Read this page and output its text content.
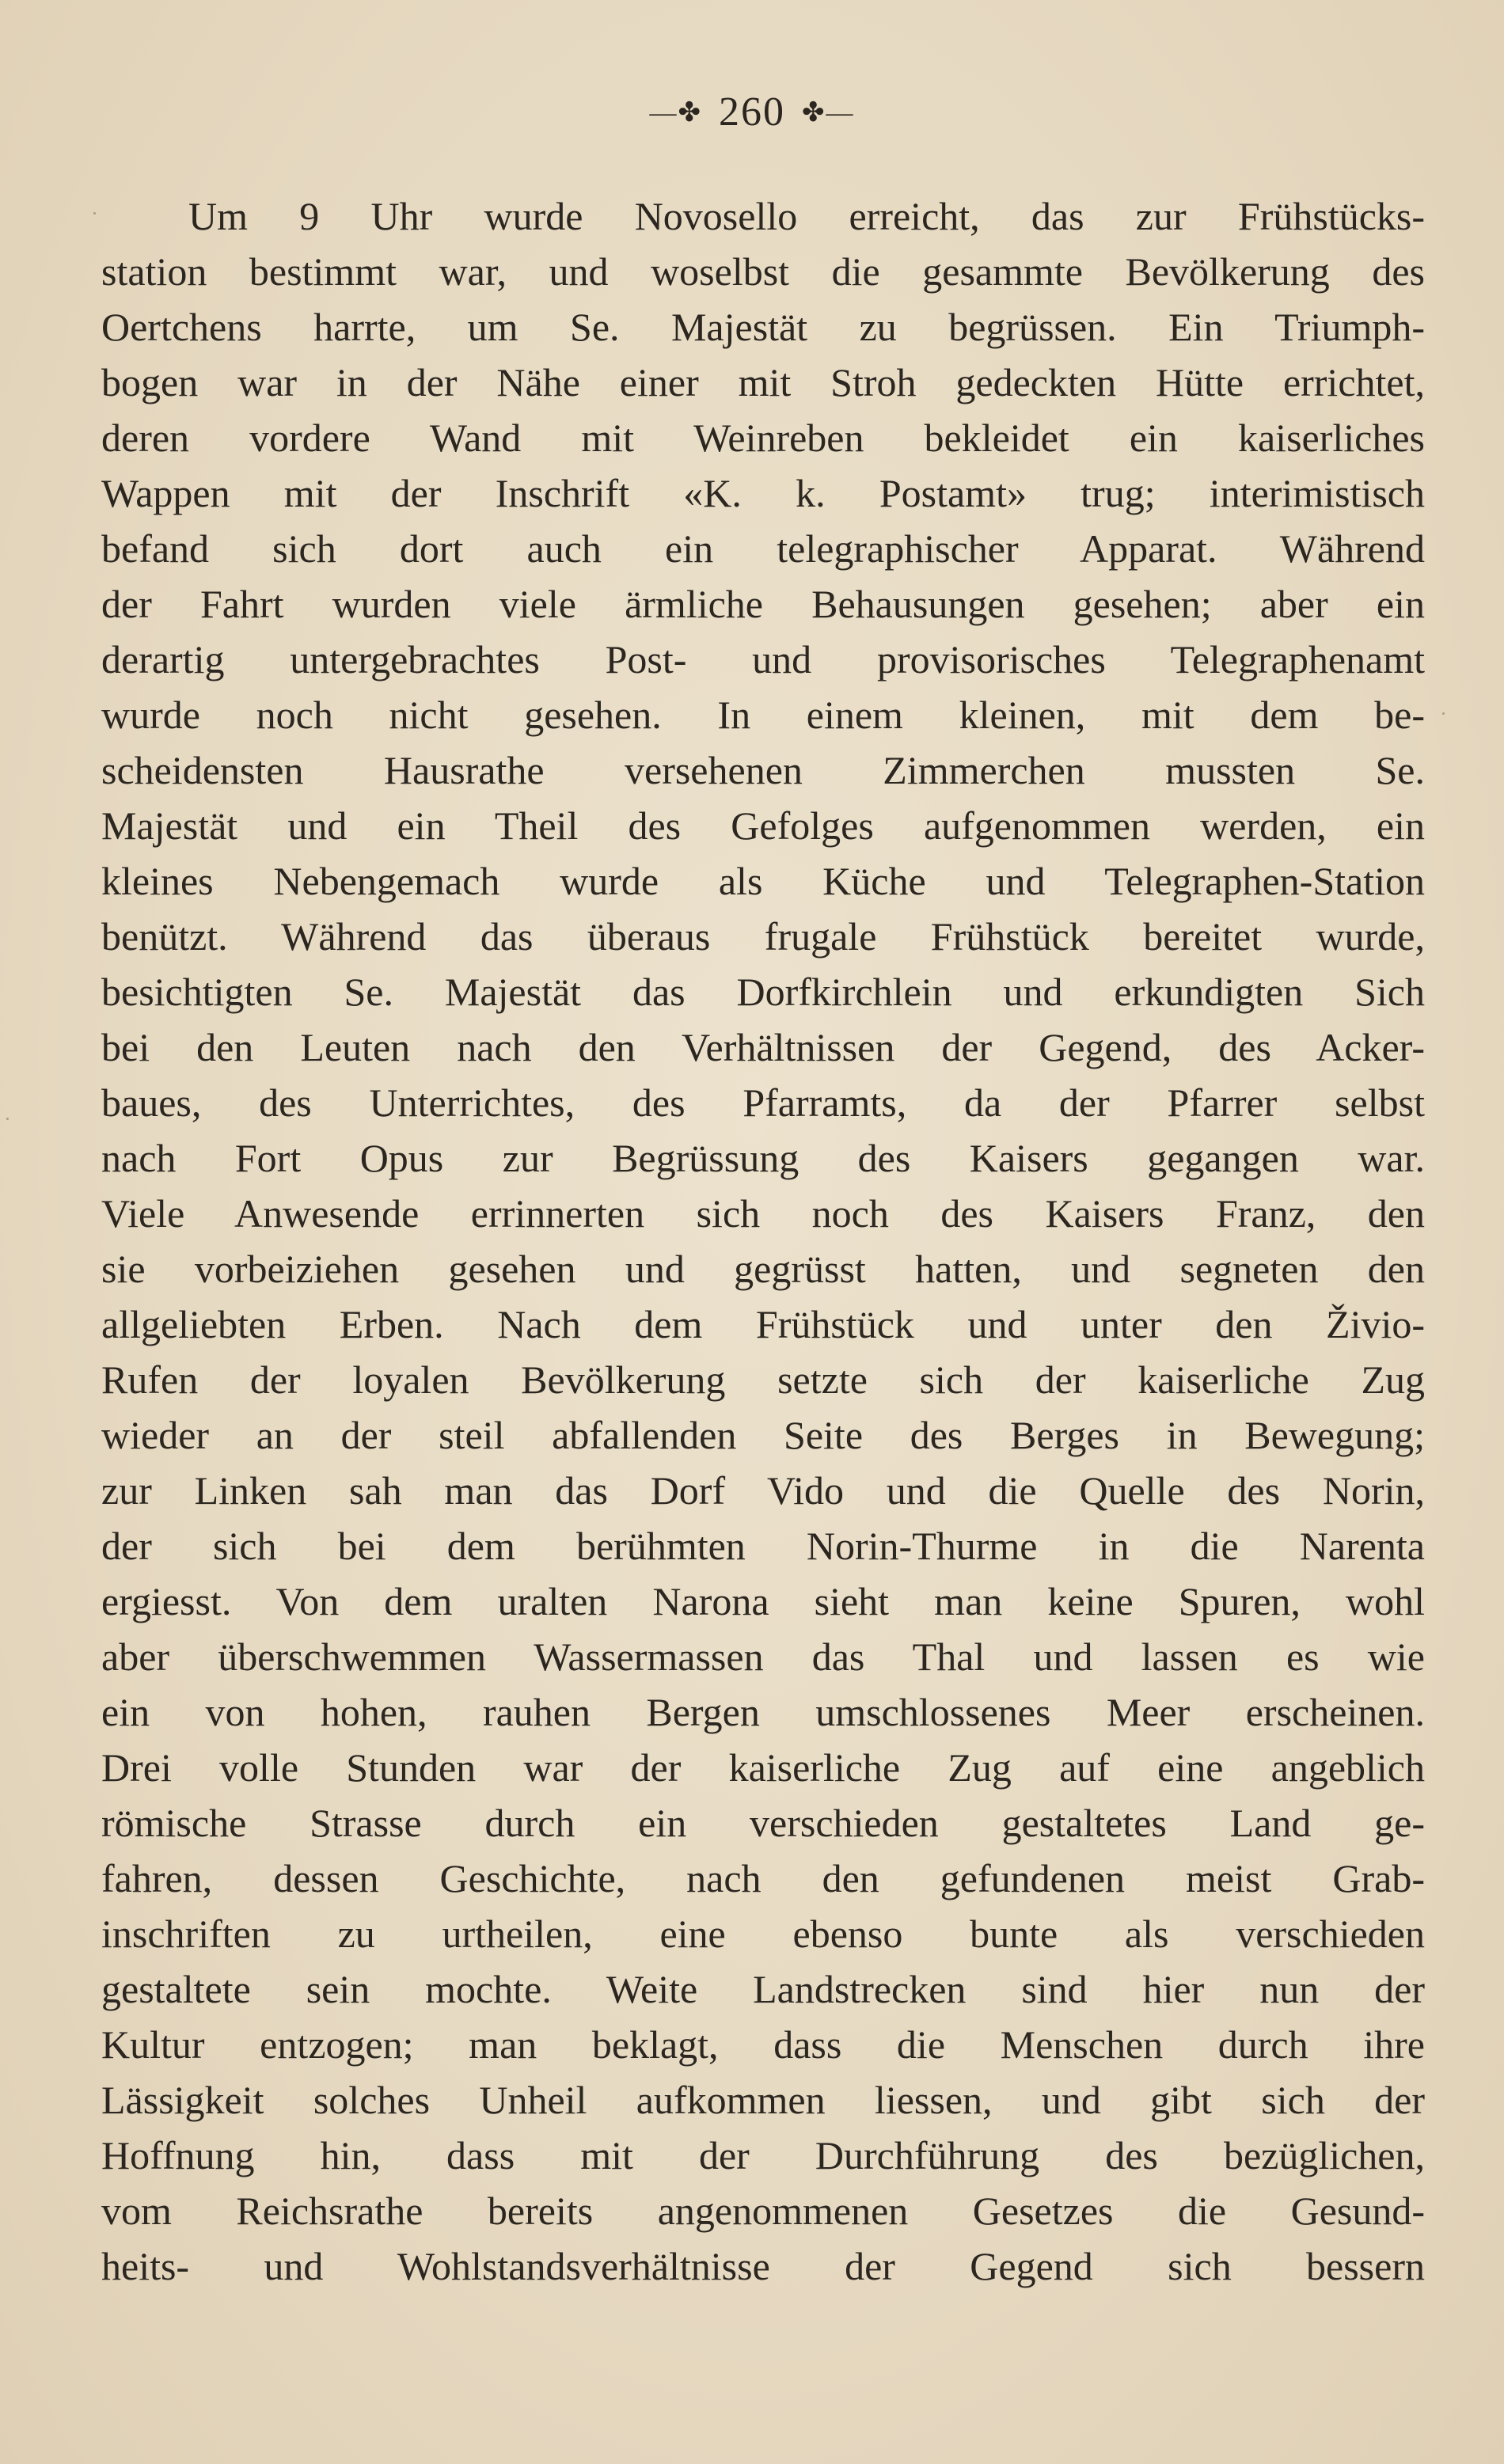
—✤ 260 ✤—
Um 9 Uhr wurde Novosello erreicht, das zur Frühstücks-
station bestimmt war, und woselbst die gesammte Bevölkerung des
Oertchens harrte, um Se. Majestät zu begrüssen. Ein Triumph-
bogen war in der Nähe einer mit Stroh gedeckten Hütte errichtet,
deren vordere Wand mit Weinreben bekleidet ein kaiserliches
Wappen mit der Inschrift «K. k. Postamt» trug; interimistisch
befand sich dort auch ein telegraphischer Apparat. Während
der Fahrt wurden viele ärmliche Behausungen gesehen; aber ein
derartig untergebrachtes Post- und provisorisches Telegraphenamt
wurde noch nicht gesehen. In einem kleinen, mit dem be-
scheidensten Hausrathe versehenen Zimmerchen mussten Se.
Majestät und ein Theil des Gefolges aufgenommen werden, ein
kleines Nebengemach wurde als Küche und Telegraphen-Station
benützt. Während das überaus frugale Frühstück bereitet wurde,
besichtigten Se. Majestät das Dorfkirchlein und erkundigten Sich
bei den Leuten nach den Verhältnissen der Gegend, des Acker-
baues, des Unterrichtes, des Pfarramts, da der Pfarrer selbst
nach Fort Opus zur Begrüssung des Kaisers gegangen war.
Viele Anwesende errinnerten sich noch des Kaisers Franz, den
sie vorbeiziehen gesehen und gegrüsst hatten, und segneten den
allgeliebten Erben. Nach dem Frühstück und unter den Živio-
Rufen der loyalen Bevölkerung setzte sich der kaiserliche Zug
wieder an der steil abfallenden Seite des Berges in Bewegung;
zur Linken sah man das Dorf Vido und die Quelle des Norin,
der sich bei dem berühmten Norin-Thurme in die Narenta
ergiesst. Von dem uralten Narona sieht man keine Spuren, wohl
aber überschwemmen Wassermassen das Thal und lassen es wie
ein von hohen, rauhen Bergen umschlossenes Meer erscheinen.
Drei volle Stunden war der kaiserliche Zug auf eine angeblich
römische Strasse durch ein verschieden gestaltetes Land ge-
fahren, dessen Geschichte, nach den gefundenen meist Grab-
inschriften zu urtheilen, eine ebenso bunte als verschieden
gestaltete sein mochte. Weite Landstrecken sind hier nun der
Kultur entzogen; man beklagt, dass die Menschen durch ihre
Lässigkeit solches Unheil aufkommen liessen, und gibt sich der
Hoffnung hin, dass mit der Durchführung des bezüglichen,
vom Reichsrathe bereits angenommenen Gesetzes die Gesund-
heits- und Wohlstandsverhältnisse der Gegend sich bessern
